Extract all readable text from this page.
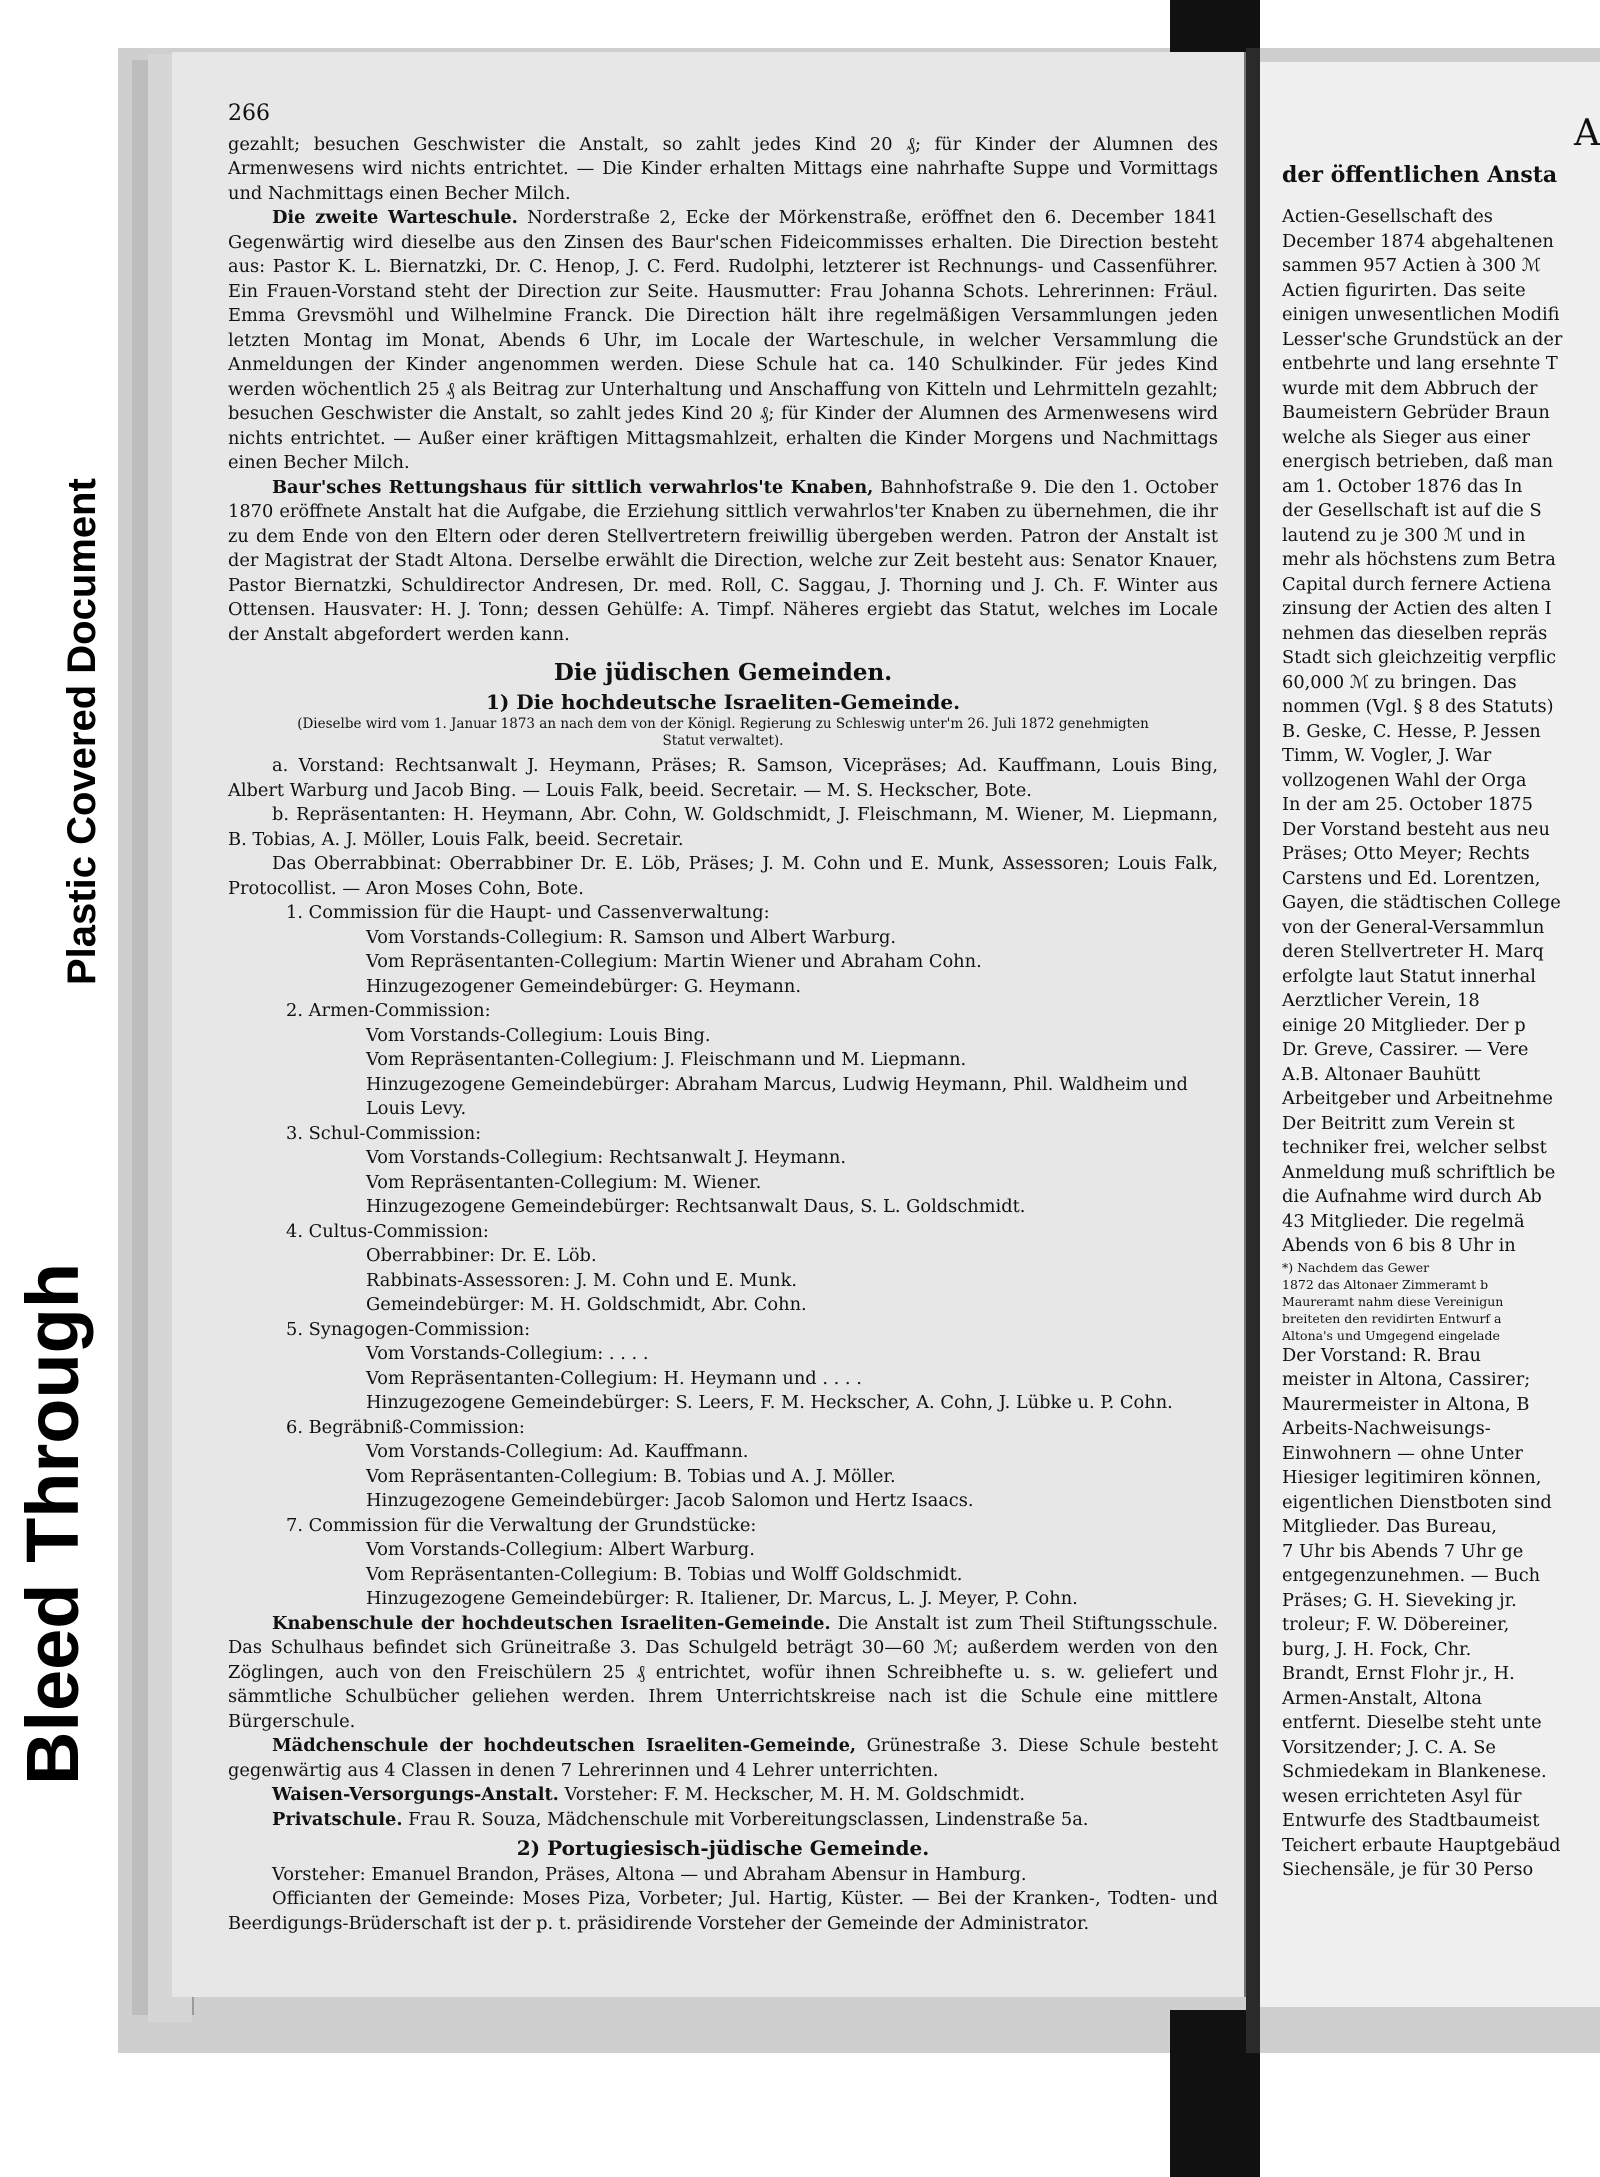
Plastic Covered Document
Bleed Through
266

gezahlt; besuchen Geschwister die Anstalt, so zahlt jedes Kind 20 ₰; für Kinder der Alumnen des Armenwesens wird nichts entrichtet. — Die Kinder erhalten Mittags eine nahrhafte Suppe und Vormittags und Nachmittags einen Becher Milch.

Die zweite Warteschule. Norderstraße 2, Ecke der Mörkenstraße, eröffnet den 6. December 1841 Gegenwärtig wird dieselbe aus den Zinsen des Baur'schen Fideicommisses erhalten. Die Direction besteht aus: Pastor K. L. Biernatzki, Dr. C. Henop, J. C. Ferd. Rudolphi, letzterer ist Rechnungs- und Cassenführer. Ein Frauen-Vorstand steht der Direction zur Seite. Hausmutter: Frau Johanna Schots. Lehrerinnen: Fräul. Emma Grevsmöhl und Wilhelmine Franck. Die Direction hält ihre regelmäßigen Versammlungen jeden letzten Montag im Monat, Abends 6 Uhr, im Locale der Warteschule, in welcher Versammlung die Anmeldungen der Kinder angenommen werden. Diese Schule hat ca. 140 Schulkinder. Für jedes Kind werden wöchentlich 25 ₰ als Beitrag zur Unterhaltung und Anschaffung von Kitteln und Lehrmitteln gezahlt; besuchen Geschwister die Anstalt, so zahlt jedes Kind 20 ₰; für Kinder der Alumnen des Armenwesens wird nichts entrichtet. — Außer einer kräftigen Mittagsmahlzeit, erhalten die Kinder Morgens und Nachmittags einen Becher Milch.

Baur'sches Rettungshaus für sittlich verwahrlos'te Knaben, Bahnhofstraße 9. Die den 1. October 1870 eröffnete Anstalt hat die Aufgabe, die Erziehung sittlich verwahrlos'ter Knaben zu übernehmen, die ihr zu dem Ende von den Eltern oder deren Stellvertretern freiwillig übergeben werden. Patron der Anstalt ist der Magistrat der Stadt Altona. Derselbe erwählt die Direction, welche zur Zeit besteht aus: Senator Knauer, Pastor Biernatzki, Schuldirector Andresen, Dr. med. Roll, C. Saggau, J. Thorning und J. Ch. F. Winter aus Ottensen. Hausvater: H. J. Tonn; dessen Gehülfe: A. Timpf. Näheres ergiebt das Statut, welches im Locale der Anstalt abgefordert werden kann.

Die jüdischen Gemeinden.
1) Die hochdeutsche Israeliten-Gemeinde.
(Dieselbe wird vom 1. Januar 1873 an nach dem von der Königl. Regierung zu Schleswig unter'm 26. Juli 1872 genehmigten Statut verwaltet).

a. Vorstand: Rechtsanwalt J. Heymann, Präses; R. Samson, Vicepräses; Ad. Kauffmann, Louis Bing, Albert Warburg und Jacob Bing. — Louis Falk, beeid. Secretair. — M. S. Heckscher, Bote.

b. Repräsentanten: H. Heymann, Abr. Cohn, W. Goldschmidt, J. Fleischmann, M. Wiener, M. Liepmann, B. Tobias, A. J. Möller, Louis Falk, beeid. Secretair.

Das Oberrabbinat: Oberrabbiner Dr. E. Löb, Präses; J. M. Cohn und E. Munk, Assessoren; Louis Falk, Protocollist. — Aron Moses Cohn, Bote.

1. Commission für die Haupt- und Cassenverwaltung:
Vom Vorstands-Collegium: R. Samson und Albert Warburg.
Vom Repräsentanten-Collegium: Martin Wiener und Abraham Cohn.
Hinzugezogener Gemeindebürger: G. Heymann.
2. Armen-Commission:
Vom Vorstands-Collegium: Louis Bing.
Vom Repräsentanten-Collegium: J. Fleischmann und M. Liepmann.
Hinzugezogene Gemeindebürger: Abraham Marcus, Ludwig Heymann, Phil. Waldheim und Louis Levy.
3. Schul-Commission:
Vom Vorstands-Collegium: Rechtsanwalt J. Heymann.
Vom Repräsentanten-Collegium: M. Wiener.
Hinzugezogene Gemeindebürger: Rechtsanwalt Daus, S. L. Goldschmidt.
4. Cultus-Commission:
Oberrabbiner: Dr. E. Löb.
Rabbinats-Assessoren: J. M. Cohn und E. Munk.
Gemeindebürger: M. H. Goldschmidt, Abr. Cohn.
5. Synagogen-Commission:
Vom Vorstands-Collegium: . . . .
Vom Repräsentanten-Collegium: H. Heymann und . . . .
Hinzugezogene Gemeindebürger: S. Leers, F. M. Heckscher, A. Cohn, J. Lübke u. P. Cohn.
6. Begräbniß-Commission:
Vom Vorstands-Collegium: Ad. Kauffmann.
Vom Repräsentanten-Collegium: B. Tobias und A. J. Möller.
Hinzugezogene Gemeindebürger: Jacob Salomon und Hertz Isaacs.
7. Commission für die Verwaltung der Grundstücke:
Vom Vorstands-Collegium: Albert Warburg.
Vom Repräsentanten-Collegium: B. Tobias und Wolff Goldschmidt.
Hinzugezogene Gemeindebürger: R. Italiener, Dr. Marcus, L. J. Meyer, P. Cohn.

Knabenschule der hochdeutschen Israeliten-Gemeinde. Die Anstalt ist zum Theil Stiftungsschule. Das Schulhaus befindet sich Grüneitraße 3. Das Schulgeld beträgt 30—60 ℳ; außerdem werden von den Zöglingen, auch von den Freischülern 25 ₰ entrichtet, wofür ihnen Schreibhefte u. s. w. geliefert und sämmtliche Schulbücher geliehen werden. Ihrem Unterrichtskreise nach ist die Schule eine mittlere Bürgerschule.

Mädchenschule der hochdeutschen Israeliten-Gemeinde, Grünestraße 3. Diese Schule besteht gegenwärtig aus 4 Classen in denen 7 Lehrerinnen und 4 Lehrer unterrichten.

Waisen-Versorgungs-Anstalt. Vorsteher: F. M. Heckscher, M. H. M. Goldschmidt.

Privatschule. Frau R. Souza, Mädchenschule mit Vorbereitungsclassen, Lindenstraße 5a.

2) Portugiesisch-jüdische Gemeinde.

Vorsteher: Emanuel Brandon, Präses, Altona — und Abraham Abensur in Hamburg.

Officianten der Gemeinde: Moses Piza, Vorbeter; Jul. Hartig, Küster. — Bei der Kranken-, Todten- und Beerdigungs-Brüderschaft ist der p. t. präsidirende Vorsteher der Gemeinde der Administrator.

A
der öffentlichen Ansta
Actien-Gesellschaft des
December 1874 abgehaltenen
sammen 957 Actien à 300 ℳ
Actien figurirten. Das seite
einigen unwesentlichen Modifi
Lesser'sche Grundstück an der
entbehrte und lang ersehnte T
wurde mit dem Abbruch der
Baumeistern Gebrüder Braun
welche als Sieger aus einer
energisch betrieben, daß man
am 1. October 1876 das In
der Gesellschaft ist auf die S
lautend zu je 300 ℳ und in
mehr als höchstens zum Betra
Capital durch fernere Actiena
zinsung der Actien des alten I
nehmen das dieselben repräs
Stadt sich gleichzeitig verpflic
60,000 ℳ zu bringen. Das
nommen (Vgl. § 8 des Statuts)
B. Geske, C. Hesse, P. Jessen
Timm, W. Vogler, J. War
vollzogenen Wahl der Orga
In der am 25. October 1875
Der Vorstand besteht aus neu
Präses; Otto Meyer; Rechts
Carstens und Ed. Lorentzen,
Gayen, die städtischen College
von der General-Versammlun
deren Stellvertreter H. Marq
erfolgte laut Statut innerhal
Aerztlicher Verein, 18
einige 20 Mitglieder. Der p
Dr. Greve, Cassirer. — Vere
A.B. Altonaer Bauhütt
Arbeitgeber und Arbeitnehme
Der Beitritt zum Verein st
techniker frei, welcher selbst
Anmeldung muß schriftlich be
die Aufnahme wird durch Ab
43 Mitglieder. Die regelmä
Abends von 6 bis 8 Uhr in
*) Nachdem das Gewer
1872 das Altonaer Zimmeramt b
Maureramt nahm diese Vereinigun
breiteten den revidirten Entwurf a
Altona's und Umgegend eingelade
Der Vorstand: R. Brau
meister in Altona, Cassirer;
Maurermeister in Altona, B
Arbeits-Nachweisungs-
Einwohnern — ohne Unter
Hiesiger legitimiren können,
eigentlichen Dienstboten sind
Mitglieder. Das Bureau,
7 Uhr bis Abends 7 Uhr ge
entgegenzunehmen. — Buch
Präses; G. H. Sieveking jr.
troleur; F. W. Döbereiner,
burg, J. H. Fock, Chr.
Brandt, Ernst Flohr jr., H.
Armen-Anstalt, Altona
entfernt. Dieselbe steht unte
Vorsitzender; J. C. A. Se
Schmiedekam in Blankenese.
wesen errichteten Asyl für
Entwurfe des Stadtbaumeist
Teichert erbaute Hauptgebäud
Siechensäle, je für 30 Perso
